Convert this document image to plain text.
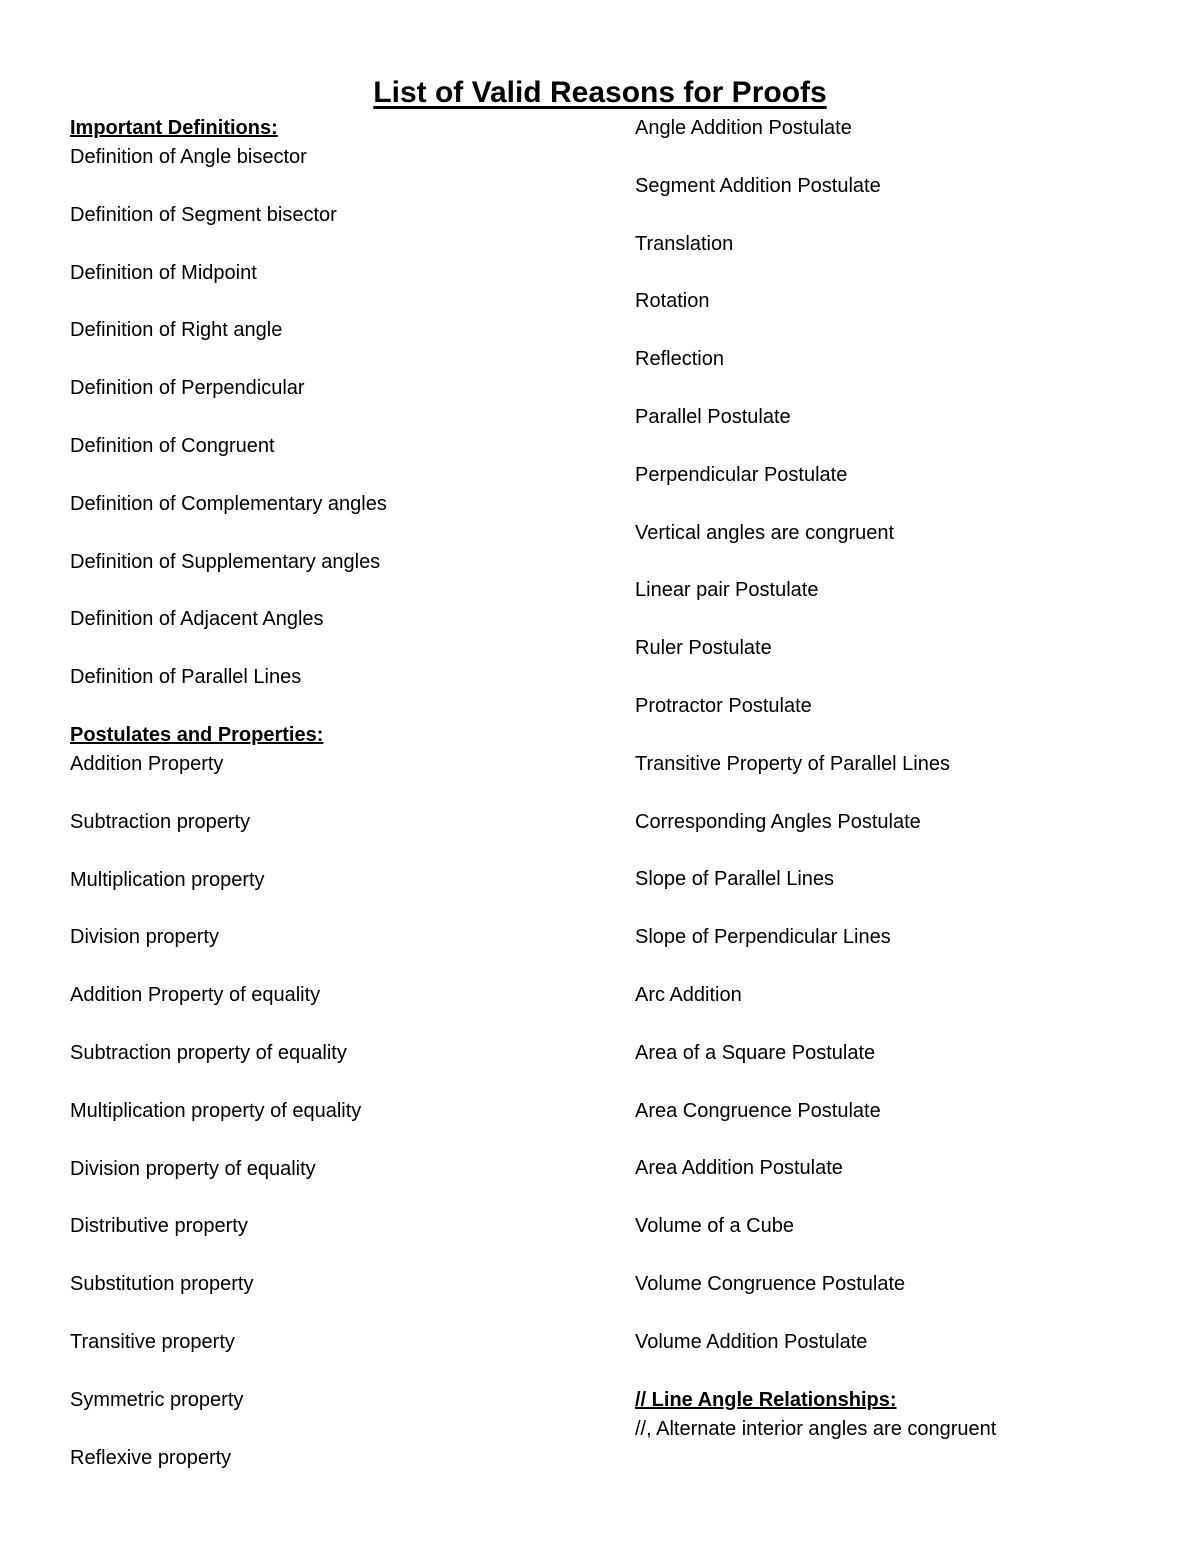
List of Valid Reasons for Proofs
Important Definitions:
Definition of Angle bisector
Definition of Segment bisector
Definition of Midpoint
Definition of Right angle
Definition of Perpendicular
Definition of Congruent
Definition of Complementary angles
Definition of Supplementary angles
Definition of Adjacent Angles
Definition of Parallel Lines
Postulates and Properties:
Addition Property
Subtraction property
Multiplication property
Division property
Addition Property of equality
Subtraction property of equality
Multiplication property of equality
Division property of equality
Distributive property
Substitution property
Transitive property
Symmetric property
Reflexive property
Angle Addition Postulate
Segment Addition Postulate
Translation
Rotation
Reflection
Parallel Postulate
Perpendicular Postulate
Vertical angles are congruent
Linear pair Postulate
Ruler Postulate
Protractor Postulate
Transitive Property of Parallel Lines
Corresponding Angles Postulate
Slope of Parallel Lines
Slope of Perpendicular Lines
Arc Addition
Area of a Square Postulate
Area Congruence Postulate
Area Addition Postulate
Volume of a Cube
Volume Congruence Postulate
Volume Addition Postulate
// Line Angle Relationships:
//, Alternate interior angles are congruent
